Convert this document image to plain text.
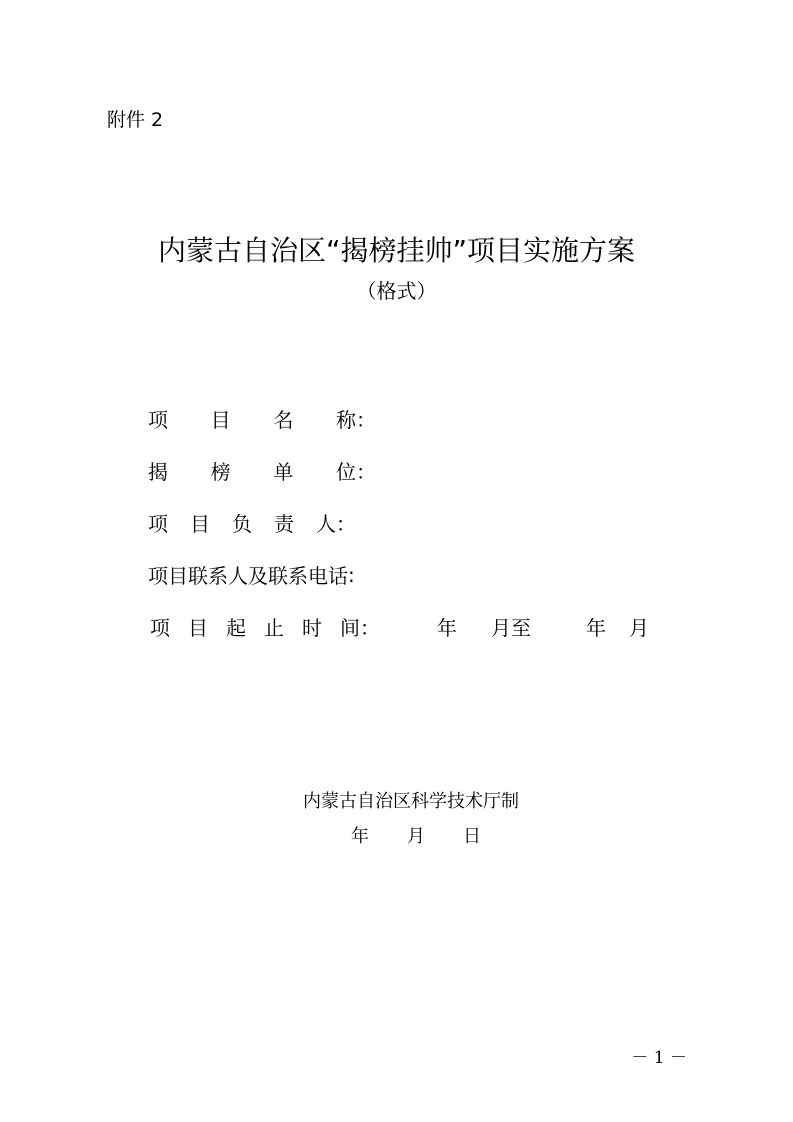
附件 2
内蒙古自治区“揭榜挂帅”项目实施方案
（格式）
项 目 名 称 ：
揭 榜 单 位 ：
项 目 负 责 人 ：
项目联系人及联系电话 :
项 目 起 止 时 间 ：	年 月至	年 月
内蒙古自治区科学技术厅制
年 月 日
－ 1 －
